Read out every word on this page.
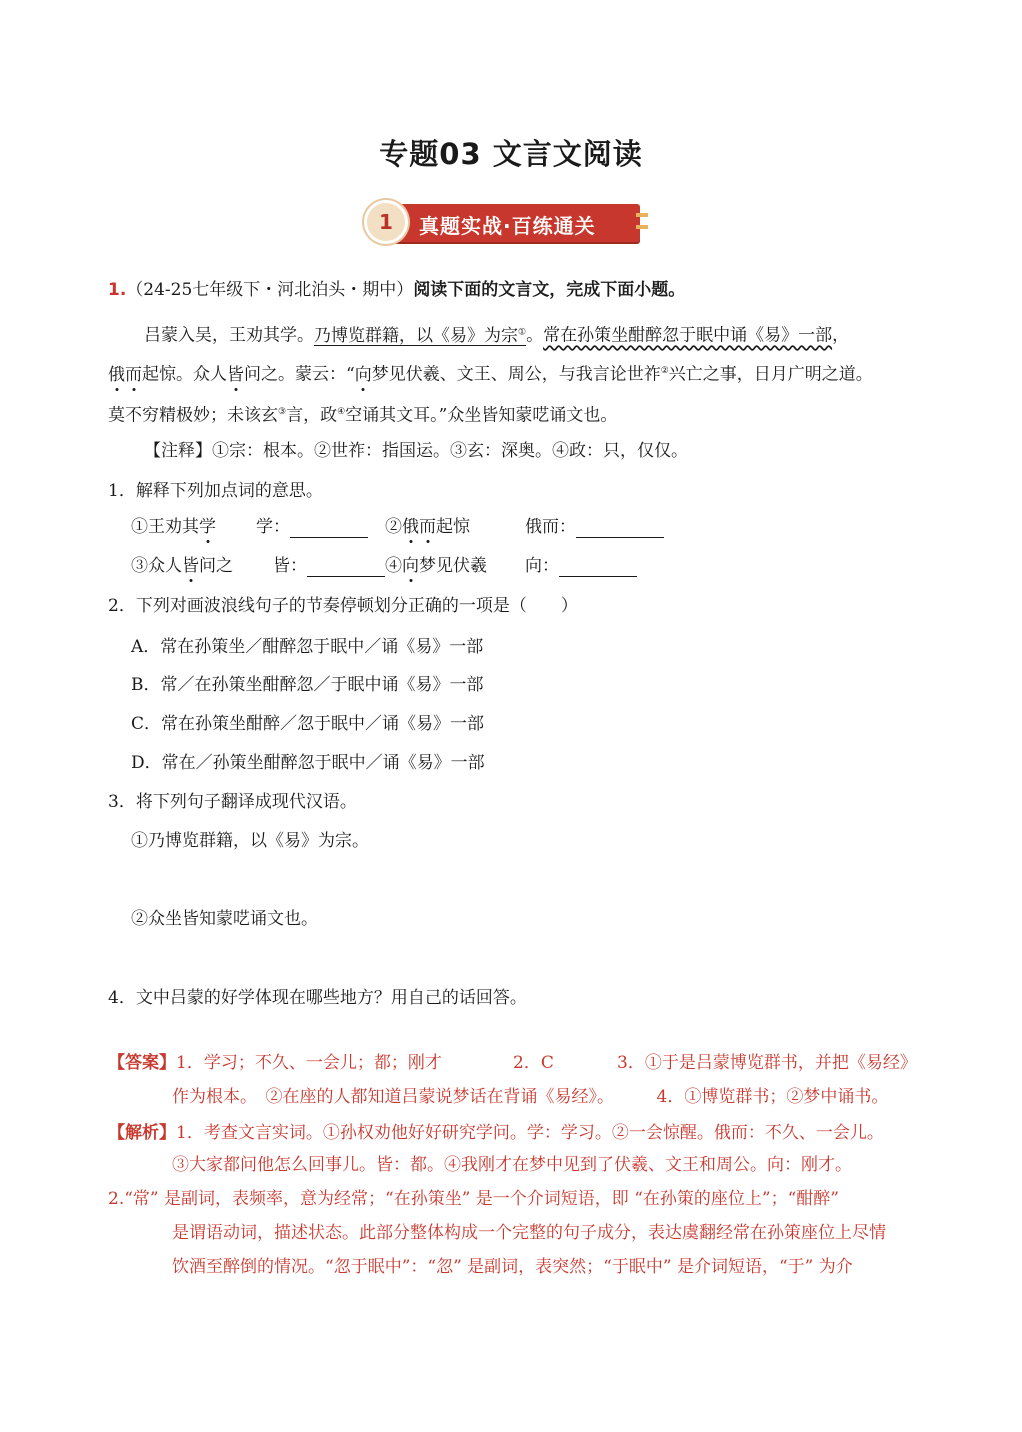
专题03 文言文阅读
1	真题实战·百练通关
1.（24-25七年级下・河北泊头・期中）阅读下面的文言文，完成下面小题。
吕蒙入吴，王劝其学。乃博览群籍，以《易》为宗①。常在孙策坐酣醉忽于眠中诵《易》一部，
俄而起惊。众人皆问之。蒙云：“向梦见伏羲、文王、周公，与我言论世祚②兴亡之事，日月广明之道。
莫不穷精极妙；未该玄③言，政④空诵其文耳。”众坐皆知蒙呓诵文也。
【注释】①宗：根本。②世祚：指国运。③玄：深奥。④政：只，仅仅。
1．解释下列加点词的意思。
①王劝其学 学：	②俄而起惊	俄而：
③众人皆问之 皆：	④向梦见伏羲 向：
2．下列对画波浪线句子的节奏停顿划分正确的一项是（　　）
A．常在孙策坐／酣醉忽于眠中／诵《易》一部
B．常／在孙策坐酣醉忽／于眠中诵《易》一部
C．常在孙策坐酣醉／忽于眠中／诵《易》一部
D．常在／孙策坐酣醉忽于眠中／诵《易》一部
3．将下列句子翻译成现代汉语。
①乃博览群籍，以《易》为宗。
②众坐皆知蒙呓诵文也。
4．文中吕蒙的好学体现在哪些地方？用自己的话回答。
【答案】1．学习；不久、一会儿；都；刚才	2．C	3．①于是吕蒙博览群书，并把《易经》
作为根本。　②在座的人都知道吕蒙说梦话在背诵《易经》。　　　4．①博览群书；②梦中诵书。
【解析】1．考查文言实词。①孙权劝他好好研究学问。学：学习。②一会惊醒。俄而：不久、一会儿。
③大家都问他怎么回事儿。皆：都。④我刚才在梦中见到了伏羲、文王和周公。向：刚才。
2.“常” 是副词，表频率，意为经常；“在孙策坐” 是一个介词短语，即 “在孙策的座位上”；“酣醉”
是谓语动词，描述状态。此部分整体构成一个完整的句子成分，表达虞翻经常在孙策座位上尽情
饮酒至醉倒的情况。“忽于眠中”：“忽” 是副词，表突然；“于眠中” 是介词短语，“于” 为介
